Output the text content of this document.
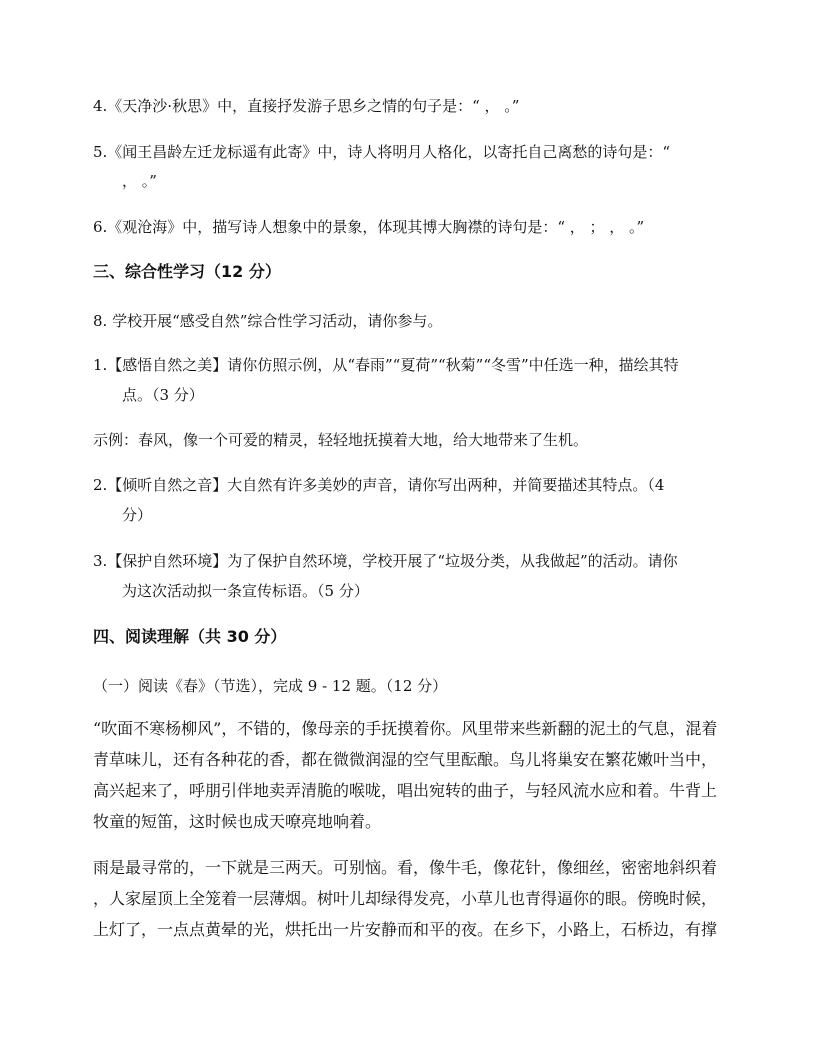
4.《天净沙·秋思》中，直接抒发游子思乡之情的句子是：“ ， 。”
5.《闻王昌龄左迁龙标遥有此寄》中，诗人将明月人格化，以寄托自己离愁的诗句是：“
， 。”
6.《观沧海》中，描写诗人想象中的景象，体现其博大胸襟的诗句是：“ ， ； ， 。”
三、综合性学习（12 分）
8. 学校开展“感受自然”综合性学习活动，请你参与。
1.【感悟自然之美】请你仿照示例，从“春雨”“夏荷”“秋菊”“冬雪”中任选一种，描绘其特
点。（3 分）
示例：春风，像一个可爱的精灵，轻轻地抚摸着大地，给大地带来了生机。
2.【倾听自然之音】大自然有许多美妙的声音，请你写出两种，并简要描述其特点。（4
分）
3.【保护自然环境】为了保护自然环境，学校开展了“垃圾分类，从我做起”的活动。请你
为这次活动拟一条宣传标语。（5 分）
四、阅读理解（共 30 分）
（一）阅读《春》（节选），完成 9 - 12 题。（12 分）
“吹面不寒杨柳风”，不错的，像母亲的手抚摸着你。风里带来些新翻的泥土的气息，混着
青草味儿，还有各种花的香，都在微微润湿的空气里酝酿。鸟儿将巢安在繁花嫩叶当中，
高兴起来了，呼朋引伴地卖弄清脆的喉咙，唱出宛转的曲子，与轻风流水应和着。牛背上
牧童的短笛，这时候也成天嘹亮地响着。
雨是最寻常的，一下就是三两天。可别恼。看，像牛毛，像花针，像细丝，密密地斜织着
，人家屋顶上全笼着一层薄烟。树叶儿却绿得发亮，小草儿也青得逼你的眼。傍晚时候，
上灯了，一点点黄晕的光，烘托出一片安静而和平的夜。在乡下，小路上，石桥边，有撑
